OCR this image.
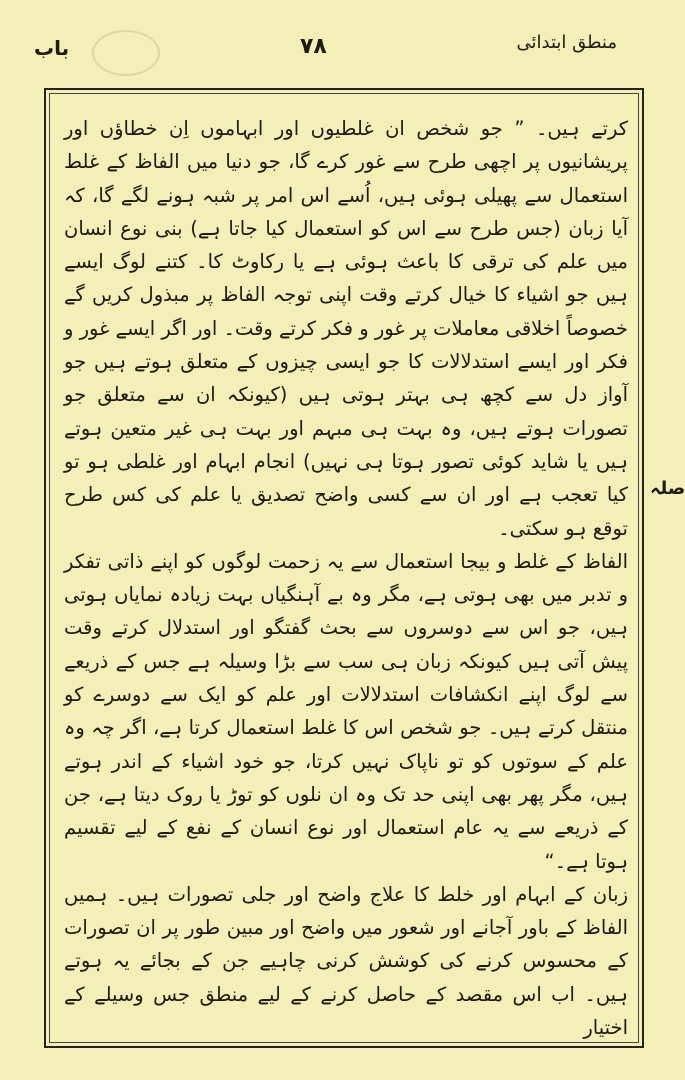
باب	۷۸	منطق ابتدائی

کرتے ہیں۔ ” جو شخص ان غلطیوں اور ابہاموں اِن خطاؤں اور پریشانیوں پر اچھی طرح سے غور کرے گا، جو دنیا میں الفاظ کے غلط استعمال سے پھیلی ہوئی ہیں، اُسے اس امر پر شبہ ہونے لگے گا، کہ آیا زبان (جس طرح سے اس کو استعمال کیا جاتا ہے) بنی نوع انسان میں علم کی ترقی کا باعث ہوئی ہے یا رکاوٹ کا۔ کتنے لوگ ایسے ہیں جو اشیاء کا خیال کرتے وقت اپنی توجہ الفاظ پر مبذول کریں گے خصوصاً اخلاقی معاملات پر غور و فکر کرتے وقت۔ اور اگر ایسے غور و فکر اور ایسے استدلالات کا جو ایسی چیزوں کے متعلق ہوتے ہیں جو آواز دل سے کچھ ہی بہتر ہوتی ہیں (کیونکہ ان سے متعلق جو تصورات ہوتے ہیں، وہ بہت ہی مبہم اور بہت ہی غیر متعین ہوتے ہیں یا شاید کوئی تصور ہوتا ہی نہیں) انجام ابہام اور غلطی ہو تو کیا تعجب ہے اور ان سے کسی واضح تصدیق یا علم کی کس طرح توقع ہو سکتی۔

الفاظ کے غلط و بیجا استعمال سے یہ زحمت لوگوں کو اپنے ذاتی تفکر و تدبر میں بھی ہوتی ہے، مگر وہ بے آہنگیاں بہت زیادہ نمایاں ہوتی ہیں، جو اس سے دوسروں سے بحث گفتگو اور استدلال کرتے وقت پیش آتی ہیں کیونکہ زبان ہی سب سے بڑا وسیلہ ہے جس کے ذریعے سے لوگ اپنے انکشافات استدلالات اور علم کو ایک سے دوسرے کو منتقل کرتے ہیں۔ جو شخص اس کا غلط استعمال کرتا ہے، اگر چہ وہ علم کے سوتوں کو تو ناپاک نہیں کرتا، جو خود اشیاء کے اندر ہوتے ہیں، مگر پھر بھی اپنی حد تک وہ ان نلوں کو توڑ یا روک دیتا ہے، جن کے ذریعے سے یہ عام استعمال اور نوع انسان کے نفع کے لیے تقسیم ہوتا ہے۔“

زبان کے ابہام اور خلط کا علاج واضح اور جلی تصورات ہیں۔ ہمیں الفاظ کے باور آجانے اور شعور میں واضح اور مبین طور پر ان تصورات کے محسوس کرنے کی کوشش کرنی چاہیے جن کے بجائے یہ ہوتے ہیں۔ اب اس مقصد کے حاصل کرنے کے لیے منطق جس وسیلے کے اختیار

صلہ
